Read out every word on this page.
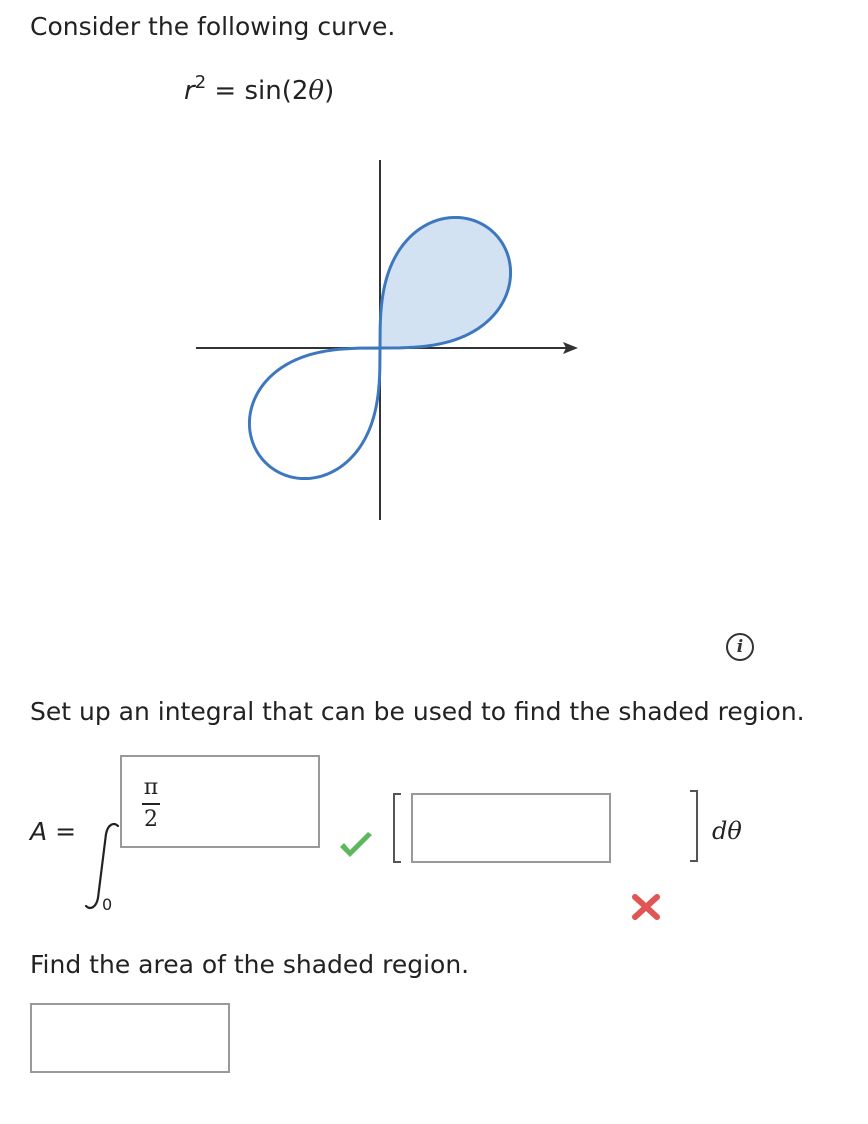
Consider the following curve.
$r^2 = \sin(2\theta)$
i
Set up an integral that can be used to find the shaded region.
A =
0
π
2	dθ
Find the area of the shaded region.
